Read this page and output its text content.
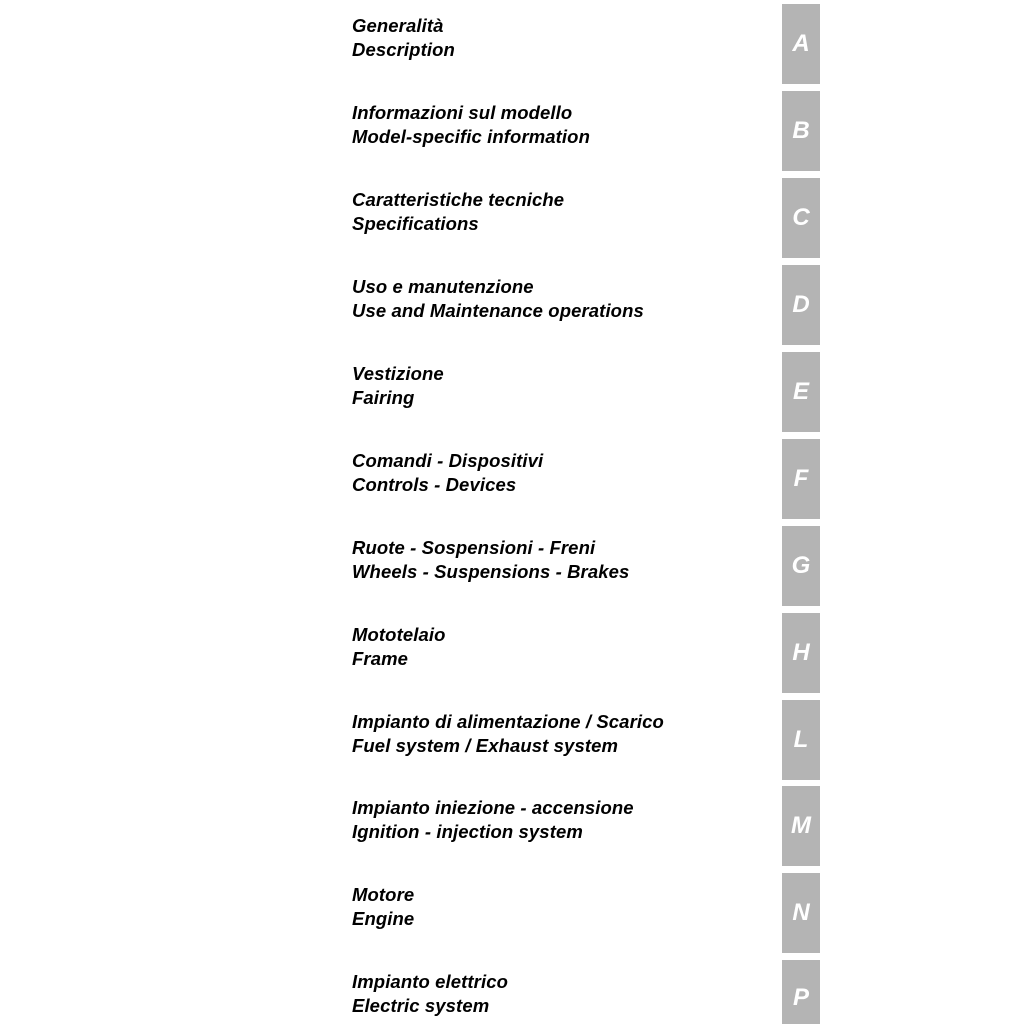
Generalità
Description	A
Informazioni sul modello
Model-specific information	B
Caratteristiche tecniche
Specifications	C
Uso e manutenzione
Use and Maintenance operations	D
Vestizione
Fairing	E
Comandi - Dispositivi
Controls - Devices	F
Ruote - Sospensioni - Freni
Wheels - Suspensions - Brakes	G
Mototelaio
Frame	H
Impianto di alimentazione / Scarico
Fuel system / Exhaust system	L
Impianto iniezione - accensione
Ignition - injection system	M
Motore
Engine	N
Impianto elettrico
Electric system	P
